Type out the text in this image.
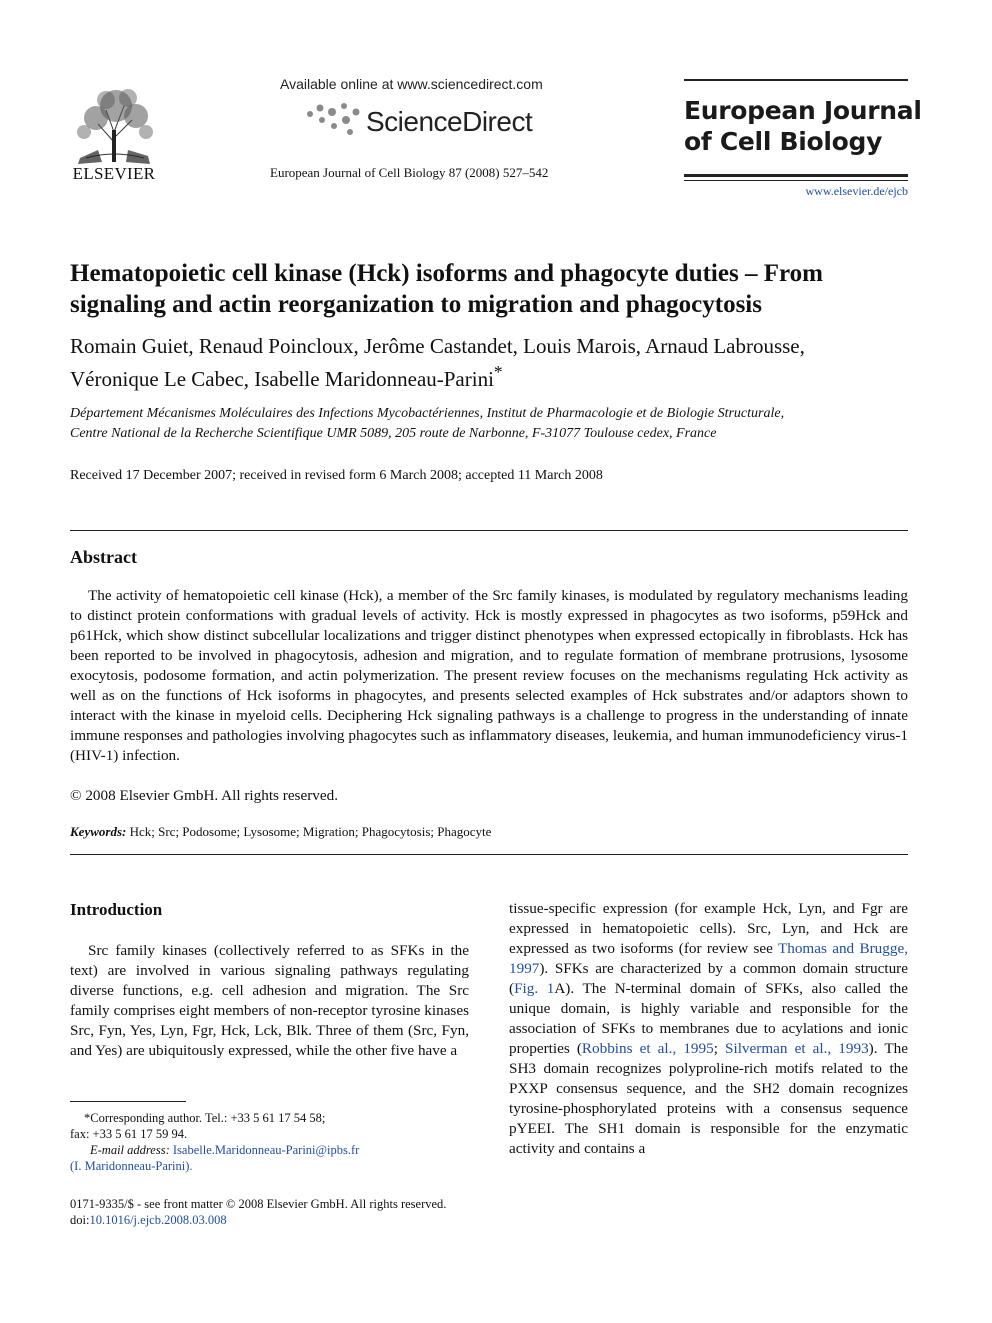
ELSEVIER
Available online at www.sciencedirect.com
ScienceDirect
European Journal of Cell Biology 87 (2008) 527–542
European Journal
of Cell Biology
www.elsevier.de/ejcb
Hematopoietic cell kinase (Hck) isoforms and phagocyte duties – From
signaling and actin reorganization to migration and phagocytosis
Romain Guiet, Renaud Poincloux, Jerôme Castandet, Louis Marois, Arnaud Labrousse,
Véronique Le Cabec, Isabelle Maridonneau-Parini*
Département Mécanismes Moléculaires des Infections Mycobactériennes, Institut de Pharmacologie et de Biologie Structurale,
Centre National de la Recherche Scientifique UMR 5089, 205 route de Narbonne, F-31077 Toulouse cedex, France
Received 17 December 2007; received in revised form 6 March 2008; accepted 11 March 2008
Abstract

The activity of hematopoietic cell kinase (Hck), a member of the Src family kinases, is modulated by regulatory mechanisms leading to distinct protein conformations with gradual levels of activity. Hck is mostly expressed in phagocytes as two isoforms, p59Hck and p61Hck, which show distinct subcellular localizations and trigger distinct phenotypes when expressed ectopically in fibroblasts. Hck has been reported to be involved in phagocytosis, adhesion and migration, and to regulate formation of membrane protrusions, lysosome exocytosis, podosome formation, and actin polymerization. The present review focuses on the mechanisms regulating Hck activity as well as on the functions of Hck isoforms in phagocytes, and presents selected examples of Hck substrates and/or adaptors shown to interact with the kinase in myeloid cells. Deciphering Hck signaling pathways is a challenge to progress in the understanding of innate immune responses and pathologies involving phagocytes such as inflammatory diseases, leukemia, and human immunodeficiency virus-1 (HIV-1) infection.

© 2008 Elsevier GmbH. All rights reserved.
Keywords: Hck; Src; Podosome; Lysosome; Migration; Phagocytosis; Phagocyte
Introduction

Src family kinases (collectively referred to as SFKs in the text) are involved in various signaling pathways regulating diverse functions, e.g. cell adhesion and migration. The Src family comprises eight members of non-receptor tyrosine kinases Src, Fyn, Yes, Lyn, Fgr, Hck, Lck, Blk. Three of them (Src, Fyn, and Yes) are ubiquitously expressed, while the other five have a

tissue-specific expression (for example Hck, Lyn, and Fgr are expressed in hematopoietic cells). Src, Lyn, and Hck are expressed as two isoforms (for review see Thomas and Brugge, 1997). SFKs are characterized by a common domain structure (Fig. 1A). The N-terminal domain of SFKs, also called the unique domain, is highly variable and responsible for the association of SFKs to membranes due to acylations and ionic properties (Robbins et al., 1995; Silverman et al., 1993). The SH3 domain recognizes polyproline-rich motifs related to the PXXP consensus sequence, and the SH2 domain recognizes tyrosine-phosphorylated proteins with a consensus sequence pYEEI. The SH1 domain is responsible for the enzymatic activity and contains a

*Corresponding author. Tel.: +33 5 61 17 54 58;
fax: +33 5 61 17 59 94.
E-mail address: Isabelle.Maridonneau-Parini@ipbs.fr
(I. Maridonneau-Parini).
0171-9335/$ - see front matter © 2008 Elsevier GmbH. All rights reserved.
doi:10.1016/j.ejcb.2008.03.008
